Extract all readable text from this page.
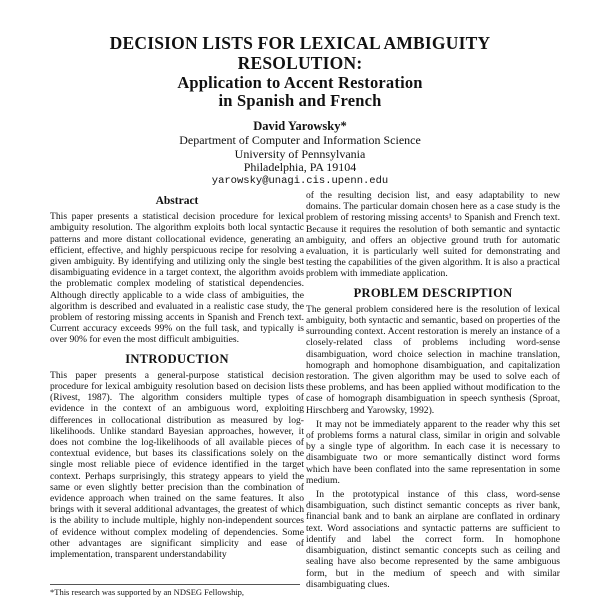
DECISION LISTS FOR LEXICAL AMBIGUITY
RESOLUTION:
Application to Accent Restoration
in Spanish and French
David Yarowsky*
Department of Computer and Information Science
University of Pennsylvania
Philadelphia, PA 19104
yarowsky@unagi.cis.upenn.edu

Abstract

This paper presents a statistical decision procedure for lexical ambiguity resolution. The algorithm exploits both local syntactic patterns and more distant collocational evidence, generating an efficient, effective, and highly perspicuous recipe for resolving a given ambiguity. By identifying and utilizing only the single best disambiguating evidence in a target context, the algorithm avoids the problematic complex modeling of statistical dependencies. Although directly applicable to a wide class of ambiguities, the algorithm is described and evaluated in a realistic case study, the problem of restoring missing accents in Spanish and French text. Current accuracy exceeds 99% on the full task, and typically is over 90% for even the most difficult ambiguities.

INTRODUCTION

This paper presents a general-purpose statistical decision procedure for lexical ambiguity resolution based on decision lists (Rivest, 1987). The algorithm considers multiple types of evidence in the context of an ambiguous word, exploiting differences in collocational distribution as measured by log-likelihoods. Unlike standard Bayesian approaches, however, it does not combine the log-likelihoods of all available pieces of contextual evidence, but bases its classifications solely on the single most reliable piece of evidence identified in the target context. Perhaps surprisingly, this strategy appears to yield the same or even slightly better precision than the combination of evidence approach when trained on the same features. It also brings with it several additional advantages, the greatest of which is the ability to include multiple, highly non-independent sources of evidence without complex modeling of dependencies. Some other advantages are significant simplicity and ease of implementation, transparent understandability

of the resulting decision list, and easy adaptability to new domains. The particular domain chosen here as a case study is the problem of restoring missing accents¹ to Spanish and French text. Because it requires the resolution of both semantic and syntactic ambiguity, and offers an objective ground truth for automatic evaluation, it is particularly well suited for demonstrating and testing the capabilities of the given algorithm. It is also a practical problem with immediate application.

PROBLEM DESCRIPTION

The general problem considered here is the resolution of lexical ambiguity, both syntactic and semantic, based on properties of the surrounding context. Accent restoration is merely an instance of a closely-related class of problems including word-sense disambiguation, word choice selection in machine translation, homograph and homophone disambiguation, and capitalization restoration. The given algorithm may be used to solve each of these problems, and has been applied without modification to the case of homograph disambiguation in speech synthesis (Sproat, Hirschberg and Yarowsky, 1992).

It may not be immediately apparent to the reader why this set of problems forms a natural class, similar in origin and solvable by a single type of algorithm. In each case it is necessary to disambiguate two or more semantically distinct word forms which have been conflated into the same representation in some medium.

In the prototypical instance of this class, word-sense disambiguation, such distinct semantic concepts as river bank, financial bank and to bank an airplane are conflated in ordinary text. Word associations and syntactic patterns are sufficient to identify and label the correct form. In homophone disambiguation, distinct semantic concepts such as ceiling and sealing have also become represented by the same ambiguous form, but in the medium of speech and with similar disambiguating clues.

*This research was supported by an NDSEG Fellowship,
